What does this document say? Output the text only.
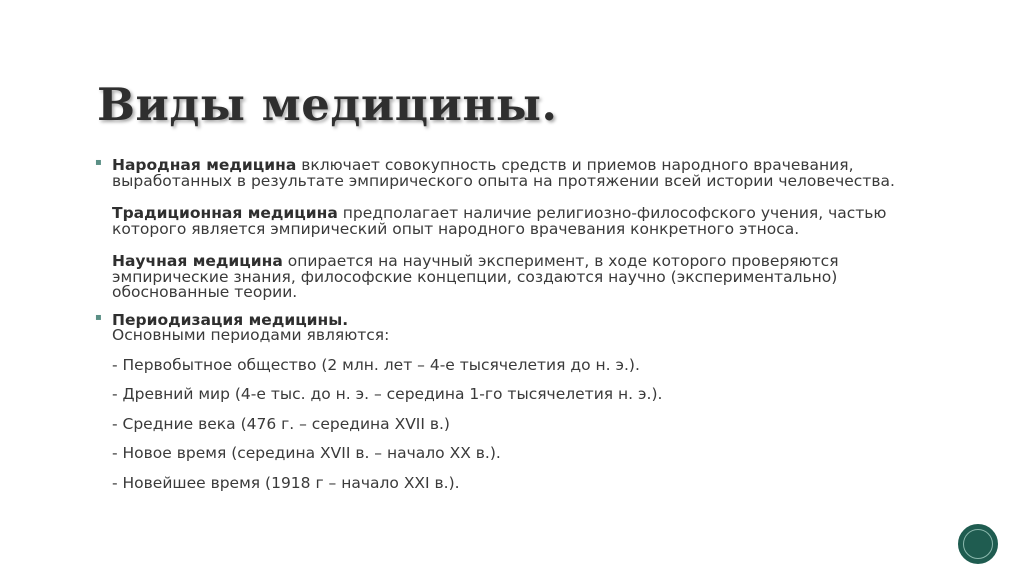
Виды медицины.
▪ Народная медицина включает совокупность средств и приемов народного врачевания, выработанных в результате эмпирического опыта на протяжении всей истории человечества.

Традиционная медицина предполагает наличие религиозно-философского учения, частью которого является эмпирический опыт народного врачевания конкретного этноса.

Научная медицина опирается на научный эксперимент, в ходе которого проверяются эмпирические знания, философские концепции, создаются научно (экспериментально) обоснованные теории.

▪ Периодизация медицины.

Основными периодами являются:

- Первобытное общество (2 млн. лет – 4-е тысячелетия до н. э.).

- Древний мир (4-е тыс. до н. э. – середина 1-го тысячелетия н. э.).

- Средние века (476 г. – середина XVII в.)

- Новое время (середина XVII в. – начало XX в.).

- Новейшее время (1918 г – начало XXI в.).
